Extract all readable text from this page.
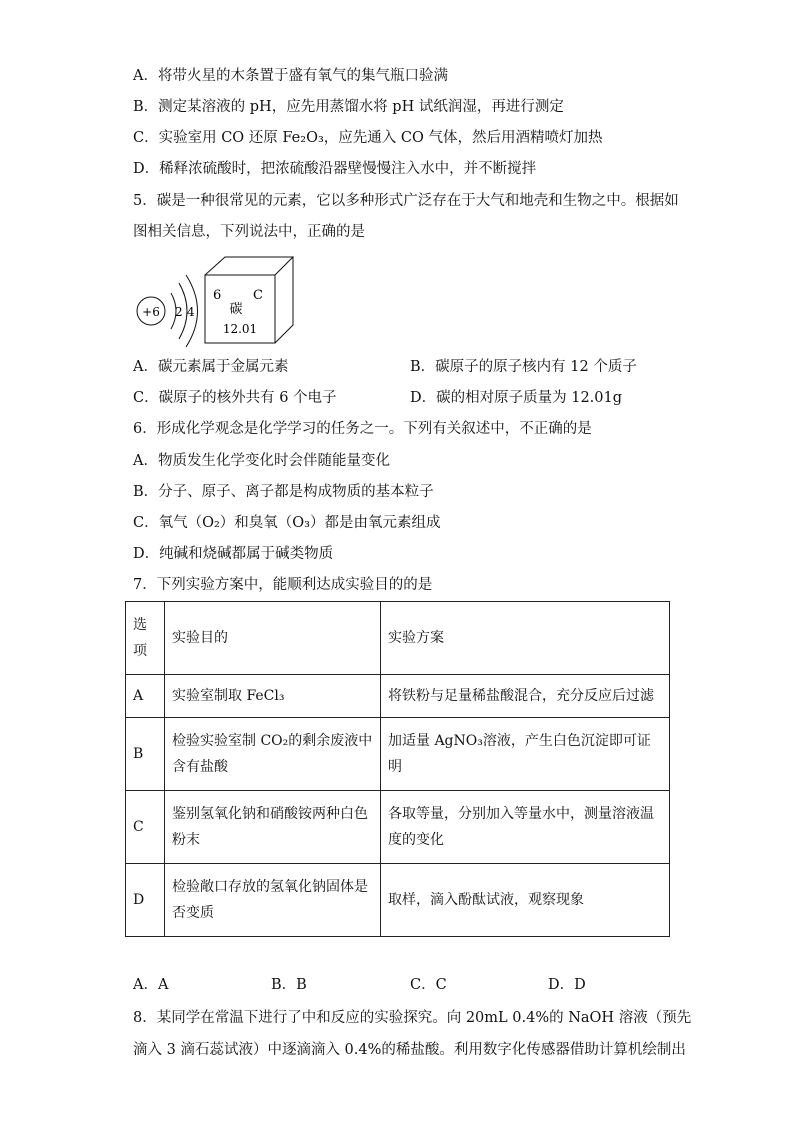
A．将带火星的木条置于盛有氧气的集气瓶口验满
B．测定某溶液的 pH，应先用蒸馏水将 pH 试纸润湿，再进行测定
C．实验室用 CO 还原 Fe₂O₃，应先通入 CO 气体，然后用酒精喷灯加热
D．稀释浓硫酸时，把浓硫酸沿器壁慢慢注入水中，并不断搅拌
5．碳是一种很常见的元素，它以多种形式广泛存在于大气和地壳和生物之中。根据如
图相关信息，下列说法中，正确的是
+6 2 4
6 C
碳
12.01
A．碳元素属于金属元素	B．碳原子的原子核内有 12 个质子
C．碳原子的核外共有 6 个电子	D．碳的相对原子质量为 12.01g
6．形成化学观念是化学学习的任务之一。下列有关叙述中，不正确的是
A．物质发生化学变化时会伴随能量变化
B．分子、原子、离子都是构成物质的基本粒子
C．氧气（O₂）和臭氧（O₃）都是由氧元素组成
D．纯碱和烧碱都属于碱类物质
7．下列实验方案中，能顺利达成实验目的的是
选项	实验目的	实验方案
A	实验室制取 FeCl₃	将铁粉与足量稀盐酸混合，充分反应后过滤
B	检验实验室制 CO₂的剩余废液中含有盐酸	加适量 AgNO₃溶液，产生白色沉淀即可证明
C	鉴别氢氧化钠和硝酸铵两种白色粉末	各取等量，分别加入等量水中，测量溶液温度的变化
D	检验敞口存放的氢氧化钠固体是否变质	取样，滴入酚酞试液，观察现象
A．A	B．B	C．C	D．D
8．某同学在常温下进行了中和反应的实验探究。向 20mL 0.4%的 NaOH 溶液（预先
滴入 3 滴石蕊试液）中逐滴滴入 0.4%的稀盐酸。利用数字化传感器借助计算机绘制出
